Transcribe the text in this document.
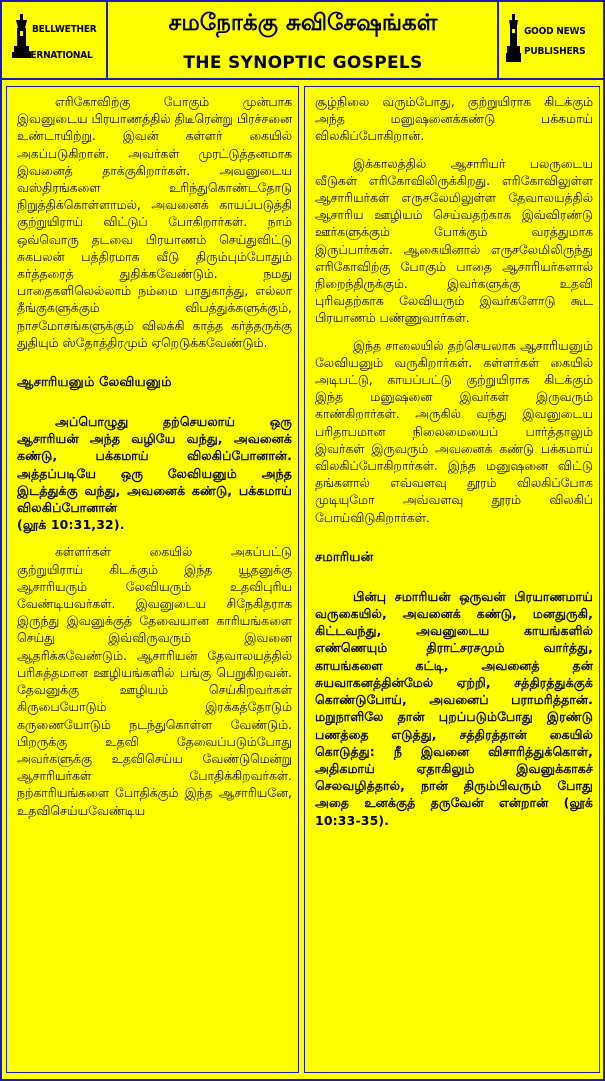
BELLWETHER
INTERNATIONAL
சமநோக்கு சுவிசேஷங்கள்
THE SYNOPTIC GOSPELS
GOOD NEWS
PUBLISHERS

எரிகோவிற்கு போகும் முன்பாக இவனுடைய பிரயாணத்தில் திடீரென்று பிரச்சனை உண்டாயிற்று. இவன் கள்ளர் கையில் அகப்படுகிறான். அவர்கள் முரட்டுத்தனமாக இவனைத் தாக்குகிறார்கள். அவனுடைய வஸ்திரங்களை உரிந்துகொண்டதோடு நிறுத்திக்கொள்ளாமல், அவனைக் காயப்படுத்தி குற்றுயிராய் விட்டுப் போகிறார்கள். நாம் ஒவ்வொரு தடவை பிரயாணம் செய்துவிட்டு சுகபலன் பத்திரமாக வீடு திரும்பும்போதும் கர்த்தரைத் துதிக்கவேண்டும். நமது பாதைகளிலெல்லாம் நம்மை பாதுகாத்து, எல்லா தீங்குகளுக்கும் விபத்துக்களுக்கும், நாசமோசங்களுக்கும் விலக்கி காத்த கர்த்தருக்கு துதியும் ஸ்தோத்திரமும் ஏறெடுக்கவேண்டும்.

ஆசாரியனும் லேவியனும்

அப்பொழுது தற்செயலாய் ஒரு ஆசாரியன் அந்த வழியே வந்து, அவனைக் கண்டு, பக்கமாய் விலகிப்போனான். அத்தப்படியே ஒரு லேவியனும் அந்த இடத்துக்கு வந்து, அவனைக் கண்டு, பக்கமாய் விலகிப்போனான்
(லூக் 10:31,32).

கள்ளர்கள் கையில் அகப்பட்டு குற்றுயிராய் கிடக்கும் இந்த யூதனுக்கு ஆசாரியரும் லேவியரும் உதவிபுரிய வேண்டியவர்கள். இவனுடைய சிநேகிதராக இருந்து இவனுக்குத் தேவையான காரியங்களை செய்து இவ்விருவரும் இவனை ஆதரிக்கவேண்டும். ஆசாரியன் தேவாலயத்தில் பரிசுத்தமான ஊழியங்களில் பங்கு பெறுகிறவன். தேவனுக்கு ஊழியம் செய்கிறவர்கள் கிருபையோடும் இரக்கத்தோடும் கருணையோடும் நடந்துகொள்ள வேண்டும். பிறருக்கு உதவி தேவைப்படும்போது அவர்களுக்கு உதவிசெய்ய வேண்டுமென்று ஆசாரியர்கள் போதிக்கிறவர்கள். நற்காரியங்களை போதிக்கும் இந்த ஆசாரியனே, உதவிசெய்யவேண்டிய

சூழ்நிலை வரும்போது, குற்றுயிராக கிடக்கும் அந்த மனுஷனைக்கண்டு பக்கமாய் விலகிப்போகிறான்.

இக்காலத்தில் ஆசாரியர் பலருடைய வீடுகள் எரிகோவிலிருக்கிறது. எரிகோவிலுள்ள ஆசாரியர்கள் எருசலேமிலுள்ள தேவாலயத்தில் ஆசாரிய ஊழியம் செய்வதற்காக இவ்விரண்டு ஊர்களுக்கும் போக்கும் வரத்துமாக இருப்பார்கள். ஆகையினால் எருசலேமிலிருந்து எரிகோவிற்கு போகும் பாதை ஆசாரியர்களால் நிறைந்திருக்கும். இவர்களுக்கு உதவி புரிவதற்காக லேவியரும் இவர்களோடு கூட பிரயாணம் பண்ணுவார்கள்.

இந்த சாலையில் தற்செயலாக ஆசாரியனும் லேவியனும் வருகிறார்கள். கள்ளர்கள் கையில் அடிபட்டு, காயப்பட்டு குற்றுயிராக கிடக்கும் இந்த மனுஷனை இவர்கள் இருவரும் காண்கிறார்கள். அருகில் வந்து இவனுடைய பரிதாபமான நிலைமையைப் பார்த்தாலும் இவர்கள் இருவரும் அவனைக் கண்டு பக்கமாய் விலகிப்போகிறார்கள். இந்த மனுஷனை விட்டு தங்களால் எவ்வளவு தூரம் விலகிப்போக முடியுமோ அவ்வளவு தூரம் விலகிப் போய்விடுகிறார்கள்.

சமாரியன்

பின்பு சமாரியன் ஒருவன் பிரயாணமாய் வருகையில், அவனைக் கண்டு, மனதுருகி, கிட்டவந்து, அவனுடைய காயங்களில் எண்ணெயும் திராட்சரசமும் வார்த்து, காயங்களை கட்டி, அவனைத் தன் சுயவாகனத்தின்மேல் ஏற்றி, சத்திரத்துக்குக் கொண்டுபோய், அவனைப் பராமரித்தான். மறுநாளிலே தான் புறப்படும்போது இரண்டு பணத்தை எடுத்து, சத்திரத்தான் கையில் கொடுத்து: நீ இவனை விசாரித்துக்கொள், அதிகமாய் ஏதாகிலும் இவனுக்காகச் செலவழித்தால், நான் திரும்பிவரும் போது அதை உனக்குத் தருவேன் என்றான் (லூக் 10:33-35).
